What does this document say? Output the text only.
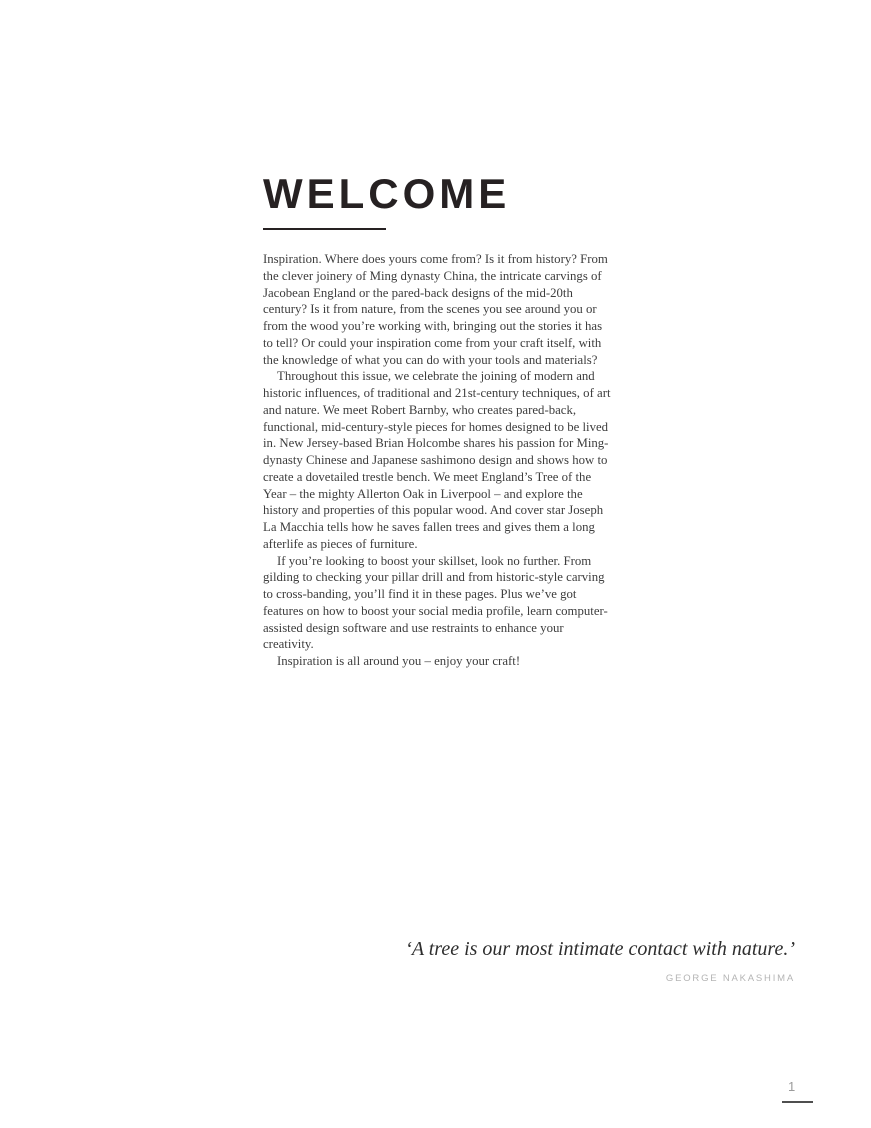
WELCOME

Inspiration. Where does yours come from? Is it from history? From the clever joinery of Ming dynasty China, the intricate carvings of Jacobean England or the pared-back designs of the mid-20th century? Is it from nature, from the scenes you see around you or from the wood you’re working with, bringing out the stories it has to tell? Or could your inspiration come from your craft itself, with the knowledge of what you can do with your tools and materials?

Throughout this issue, we celebrate the joining of modern and historic influences, of traditional and 21st-century techniques, of art and nature. We meet Robert Barnby, who creates pared-back, functional, mid-century-style pieces for homes designed to be lived in. New Jersey-based Brian Holcombe shares his passion for Ming-dynasty Chinese and Japanese sashimono design and shows how to create a dovetailed trestle bench. We meet England’s Tree of the Year – the mighty Allerton Oak in Liverpool – and explore the history and properties of this popular wood. And cover star Joseph La Macchia tells how he saves fallen trees and gives them a long afterlife as pieces of furniture.

If you’re looking to boost your skillset, look no further. From gilding to checking your pillar drill and from historic-style carving to cross-banding, you’ll find it in these pages. Plus we’ve got features on how to boost your social media profile, learn computer-assisted design software and use restraints to enhance your creativity.

Inspiration is all around you – enjoy your craft!

‘A tree is our most intimate contact with nature.’
GEORGE NAKASHIMA
1
